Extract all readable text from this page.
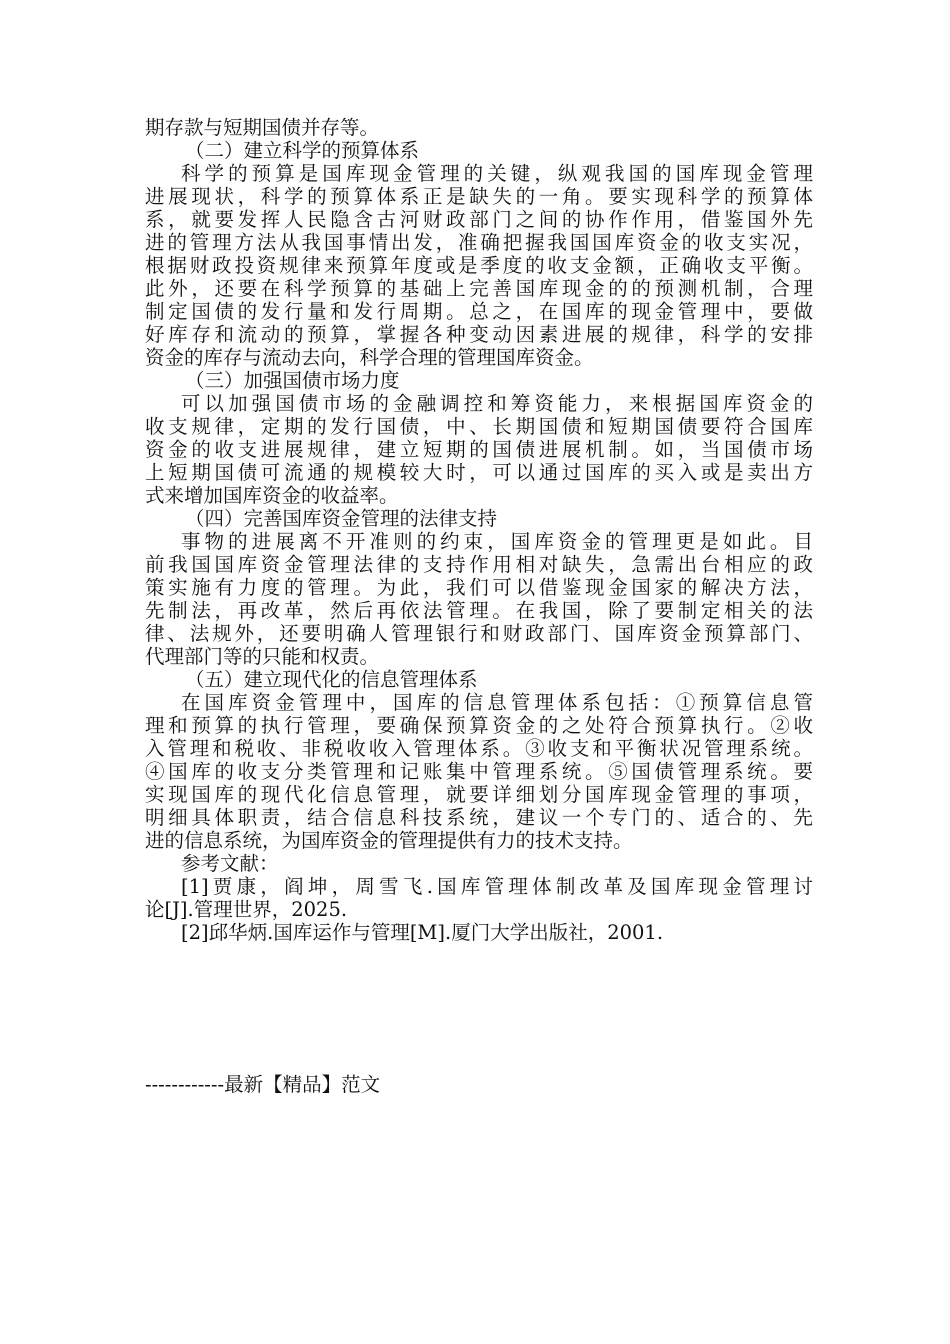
期存款与短期国债并存等。
（二）建立科学的预算体系
科学的预算是国库现金管理的关键，纵观我国的国库现金管理
进展现状，科学的预算体系正是缺失的一角。要实现科学的预算体
系，就要发挥人民隐含古河财政部门之间的协作作用，借鉴国外先
进的管理方法从我国事情出发，准确把握我国国库资金的收支实况，
根据财政投资规律来预算年度或是季度的收支金额，正确收支平衡。
此外，还要在科学预算的基础上完善国库现金的的预测机制，合理
制定国债的发行量和发行周期。总之，在国库的现金管理中，要做
好库存和流动的预算，掌握各种变动因素进展的规律，科学的安排
资金的库存与流动去向，科学合理的管理国库资金。
（三）加强国债市场力度
可以加强国债市场的金融调控和筹资能力，来根据国库资金的
收支规律，定期的发行国债，中、长期国债和短期国债要符合国库
资金的收支进展规律，建立短期的国债进展机制。如，当国债市场
上短期国债可流通的规模较大时，可以通过国库的买入或是卖出方
式来增加国库资金的收益率。
（四）完善国库资金管理的法律支持
事物的进展离不开准则的约束，国库资金的管理更是如此。目
前我国国库资金管理法律的支持作用相对缺失，急需出台相应的政
策实施有力度的管理。为此，我们可以借鉴现金国家的解决方法，
先制法，再改革，然后再依法管理。在我国，除了要制定相关的法
律、法规外，还要明确人管理银行和财政部门、国库资金预算部门、
代理部门等的只能和权责。
（五）建立现代化的信息管理体系
在国库资金管理中，国库的信息管理体系包括：①预算信息管
理和预算的执行管理，要确保预算资金的之处符合预算执行。②收
入管理和税收、非税收收入管理体系。③收支和平衡状况管理系统。
④国库的收支分类管理和记账集中管理系统。⑤国债管理系统。要
实现国库的现代化信息管理，就要详细划分国库现金管理的事项，
明细具体职责，结合信息科技系统，建议一个专门的、适合的、先
进的信息系统，为国库资金的管理提供有力的技术支持。
参考文献：
[1]贾康，阎坤，周雪飞.国库管理体制改革及国库现金管理讨
论[J].管理世界，2025.
[2]邱华炳.国库运作与管理[M].厦门大学出版社，2001.
------------最新【精品】范文
